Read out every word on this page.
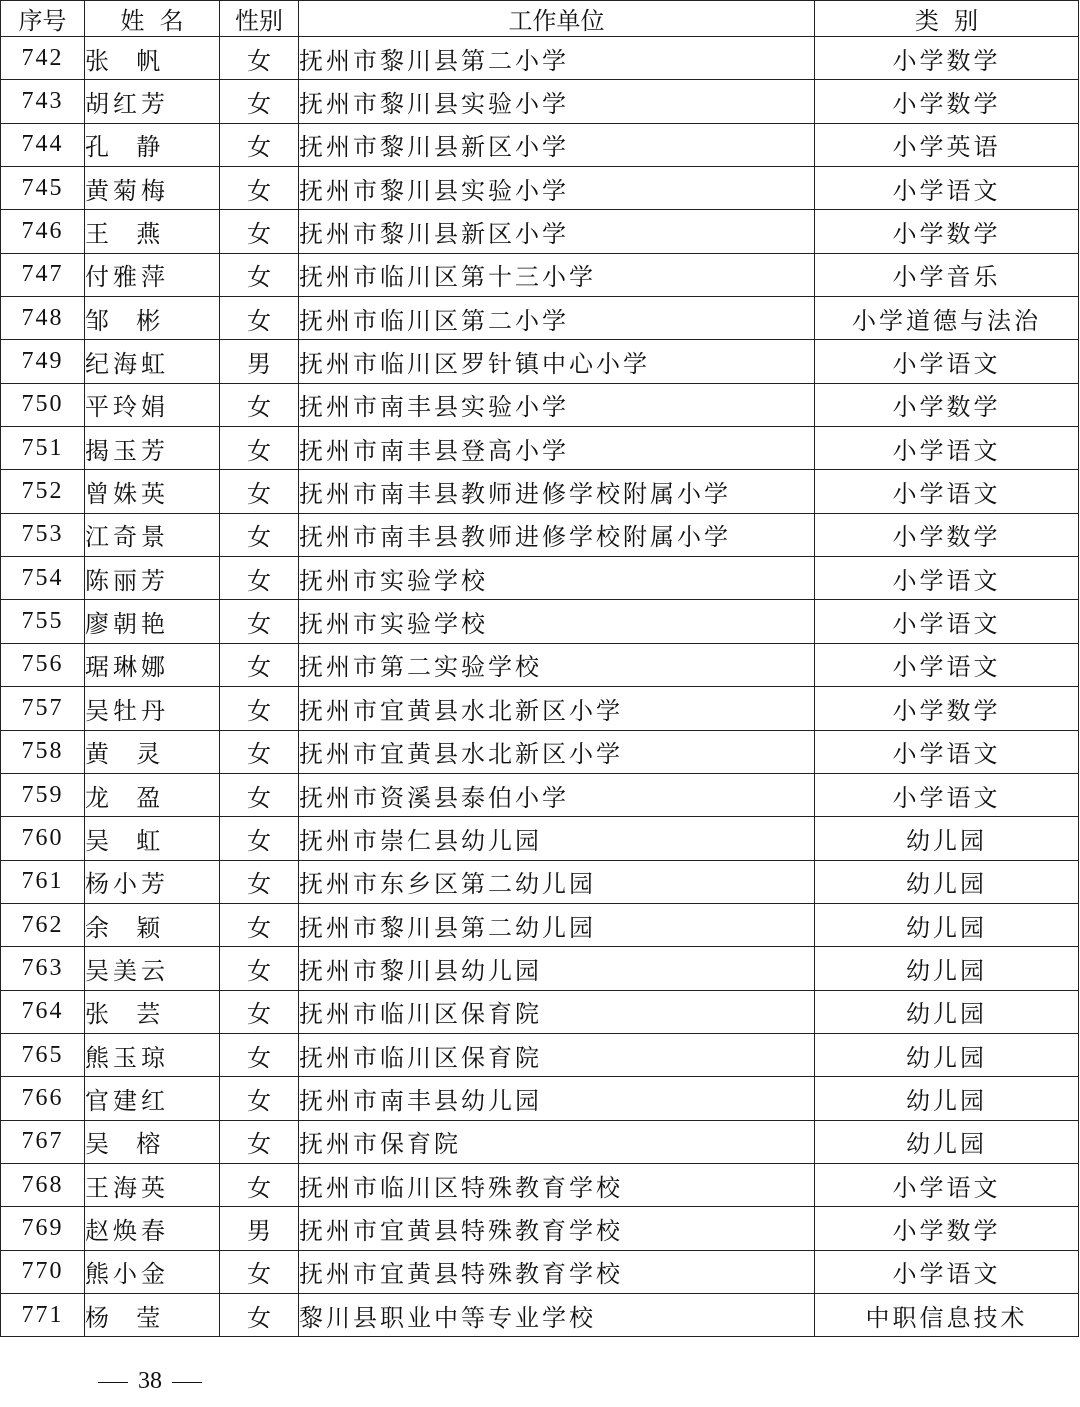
序号	姓  名	性别	工作单位	类  别
742	张  帆	女	抚州市黎川县第二小学	小学数学
743	胡红芳	女	抚州市黎川县实验小学	小学数学
744	孔  静	女	抚州市黎川县新区小学	小学英语
745	黄菊梅	女	抚州市黎川县实验小学	小学语文
746	王  燕	女	抚州市黎川县新区小学	小学数学
747	付雅萍	女	抚州市临川区第十三小学	小学音乐
748	邹  彬	女	抚州市临川区第二小学	小学道德与法治
749	纪海虹	男	抚州市临川区罗针镇中心小学	小学语文
750	平玲娟	女	抚州市南丰县实验小学	小学数学
751	揭玉芳	女	抚州市南丰县登高小学	小学语文
752	曾姝英	女	抚州市南丰县教师进修学校附属小学	小学语文
753	江奇景	女	抚州市南丰县教师进修学校附属小学	小学数学
754	陈丽芳	女	抚州市实验学校	小学语文
755	廖朝艳	女	抚州市实验学校	小学语文
756	琚琳娜	女	抚州市第二实验学校	小学语文
757	吴牡丹	女	抚州市宜黄县水北新区小学	小学数学
758	黄  灵	女	抚州市宜黄县水北新区小学	小学语文
759	龙  盈	女	抚州市资溪县泰伯小学	小学语文
760	吴  虹	女	抚州市崇仁县幼儿园	幼儿园
761	杨小芳	女	抚州市东乡区第二幼儿园	幼儿园
762	余  颖	女	抚州市黎川县第二幼儿园	幼儿园
763	吴美云	女	抚州市黎川县幼儿园	幼儿园
764	张  芸	女	抚州市临川区保育院	幼儿园
765	熊玉琼	女	抚州市临川区保育院	幼儿园
766	官建红	女	抚州市南丰县幼儿园	幼儿园
767	吴  榕	女	抚州市保育院	幼儿园
768	王海英	女	抚州市临川区特殊教育学校	小学语文
769	赵焕春	男	抚州市宜黄县特殊教育学校	小学数学
770	熊小金	女	抚州市宜黄县特殊教育学校	小学语文
771	杨  莹	女	黎川县职业中等专业学校	中职信息技术
38
